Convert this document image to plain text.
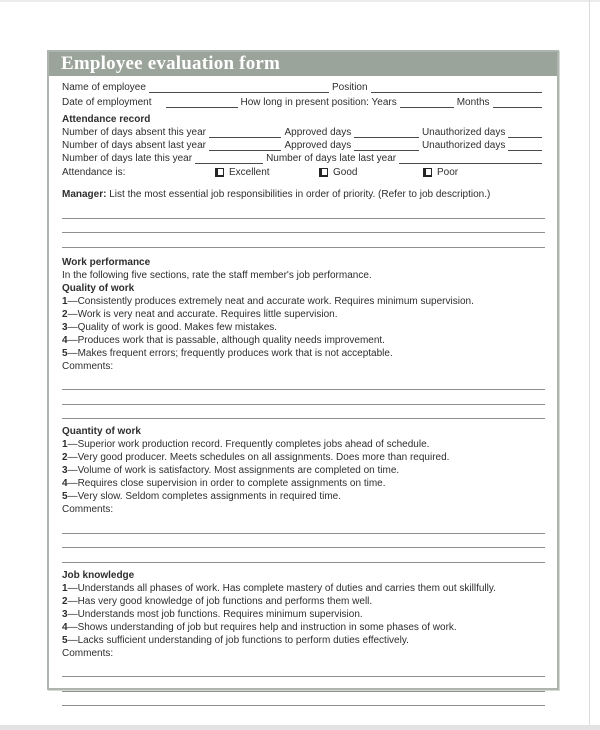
Employee evaluation form
Name of employee	Position
Date of employment	How long in present position: Years	Months
Attendance record
Number of days absent this year	Approved days	Unauthorized days
Number of days absent last year	Approved days	Unauthorized days
Number of days late this year	Number of days late last year
Attendance is:	Excellent	Good	Poor
Manager: List the most essential job responsibilities in order of priority. (Refer to job description.)
Work performance
In the following five sections, rate the staff member's job performance.
Quality of work
1 —Consistently produces extremely neat and accurate work. Requires minimum supervision.
2 —Work is very neat and accurate. Requires little supervision.
3 —Quality of work is good. Makes few mistakes.
4 —Produces work that is passable, although quality needs improvement.
5 —Makes frequent errors; frequently produces work that is not acceptable.
Comments:
Quantity of work
1 —Superior work production record. Frequently completes jobs ahead of schedule.
2 —Very good producer. Meets schedules on all assignments. Does more than required.
3 —Volume of work is satisfactory. Most assignments are completed on time.
4 —Requires close supervision in order to complete assignments on time.
5 —Very slow. Seldom completes assignments in required time.
Comments:
Job knowledge
1 —Understands all phases of work. Has complete mastery of duties and carries them out skillfully.
2 —Has very good knowledge of job functions and performs them well.
3 —Understands most job functions. Requires minimum supervision.
4 —Shows understanding of job but requires help and instruction in some phases of work.
5 —Lacks sufficient understanding of job functions to perform duties effectively.
Comments:
